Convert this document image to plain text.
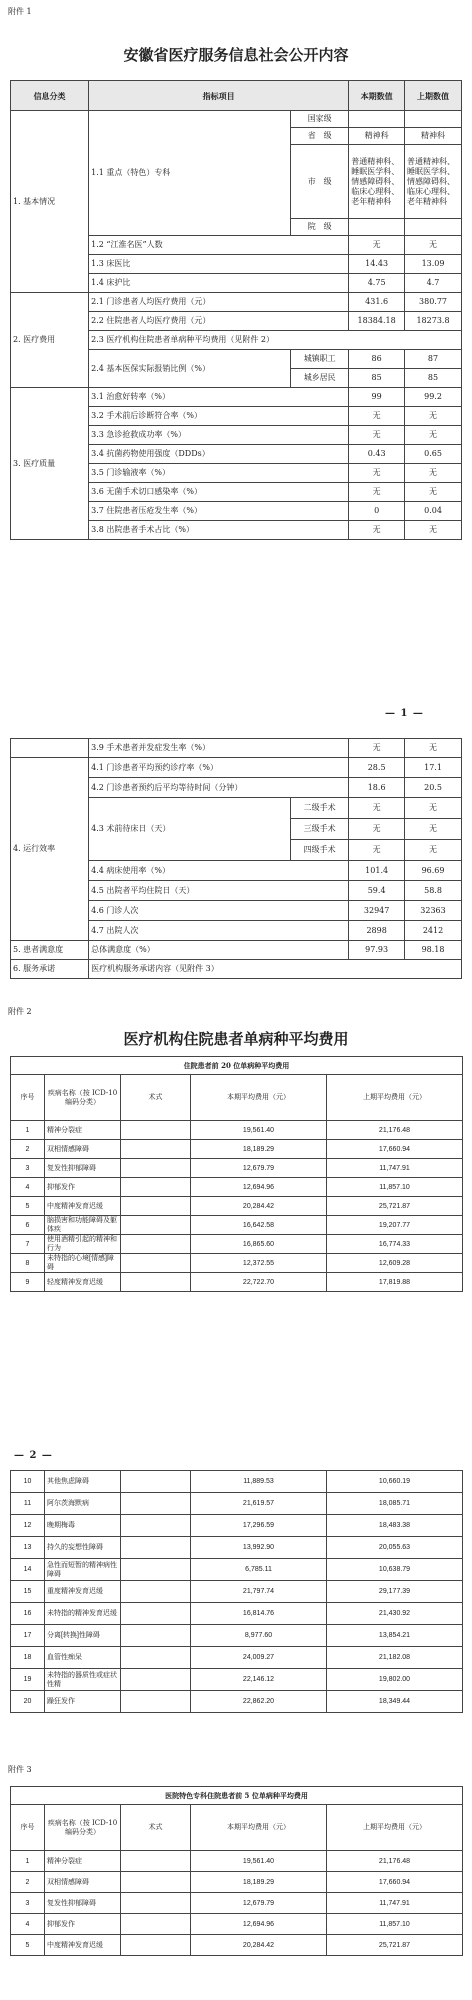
附件 1
安徽省医疗服务信息社会公开内容
信息分类	指标项目		本期数值	上期数值
1. 基本情况	1.1 重点（特色）专科	国家级		
		省　级	精神科	精神科
		市　级	普通精神科、睡眠医学科、情感障碍科、临床心理科、老年精神科	普通精神科、睡眠医学科、情感障碍科、临床心理科、老年精神科
		院　级		
	1.2 “江淮名医”人数		无	无
	1.3 床医比		14.43	13.09
	1.4 床护比		4.75	4.7
2. 医疗费用	2.1 门诊患者人均医疗费用（元）		431.6	380.77
	2.2 住院患者人均医疗费用（元）		18384.18	18273.8
	2.3 医疗机构住院患者单病种平均费用（见附件 2）			
	2.4 基本医保实际报销比例（%）	城镇职工	86	87
		城乡居民	85	85
3. 医疗质量	3.1 治愈好转率（%）		99	99.2
	3.2 手术前后诊断符合率（%）		无	无
	3.3 急诊抢救成功率（%）		无	无
	3.4 抗菌药物使用强度（DDDs）		0.43	0.65
	3.5 门诊输液率（%）		无	无
	3.6 无菌手术切口感染率（%）		无	无
	3.7 住院患者压疮发生率（%）		0	0.04
	3.8 出院患者手术占比（%）		无	无
— 1 —
	3.9 手术患者并发症发生率（%）		无	无
4. 运行效率	4.1 门诊患者平均预约诊疗率（%）		28.5	17.1
	4.2 门诊患者预约后平均等待时间（分钟）		18.6	20.5
	4.3 术前待床日（天）	二级手术	无	无
		三级手术	无	无
		四级手术	无	无
	4.4 病床使用率（%）		101.4	96.69
	4.5 出院者平均住院日（天）		59.4	58.8
	4.6 门诊人次		32947	32363
	4.7 出院人次		2898	2412
5. 患者满意度	总体满意度（%）		97.93	98.18
6. 服务承诺	医疗机构服务承诺内容（见附件 3）			
附件 2
医疗机构住院患者单病种平均费用
住院患者前 20 位单病种平均费用				
序号	疾病名称（按 ICD-10 编码分类）	术式	本期平均费用（元）	上期平均费用（元）
1	精神分裂症		19,561.40	21,176.48
2	双相情感障碍		18,189.29	17,660.94
3	复发性抑郁障碍		12,679.79	11,747.91
4	抑郁发作		12,694.96	11,857.10
5	中度精神发育迟缓		20,284.42	25,721.87
6	脑损害和功能障碍及躯体疾		16,642.58	19,207.77
7	使用酒精引起的精神和行为		16,865.60	16,774.33
8	未特指的心境[情感]障碍		12,372.55	12,609.28
9	轻度精神发育迟缓		22,722.70	17,819.88
— 2 —
10	其他焦虑障碍		11,889.53	10,660.19
11	阿尔茨海默病		21,619.57	18,085.71
12	晚期梅毒		17,296.59	18,483.38
13	持久的妄想性障碍		13,992.90	20,055.63
14	急性而短暂的精神病性障碍		6,785.11	10,638.79
15	重度精神发育迟缓		21,797.74	29,177.39
16	未特指的精神发育迟缓		16,814.76	21,430.92
17	分离[转换]性障碍		8,977.60	13,854.21
18	血管性痴呆		24,009.27	21,182.08
19	未特指的器质性或症状性精		22,146.12	19,802.00
20	躁狂发作		22,862.20	18,349.44
附件 3
医院特色专科住院患者前 5 位单病种平均费用				
序号	疾病名称（按 ICD-10 编码分类）	术式	本期平均费用（元）	上期平均费用（元）
1	精神分裂症		19,561.40	21,176.48
2	双相情感障碍		18,189.29	17,660.94
3	复发性抑郁障碍		12,679.79	11,747.91
4	抑郁发作		12,694.96	11,857.10
5	中度精神发育迟缓		20,284.42	25,721.87
